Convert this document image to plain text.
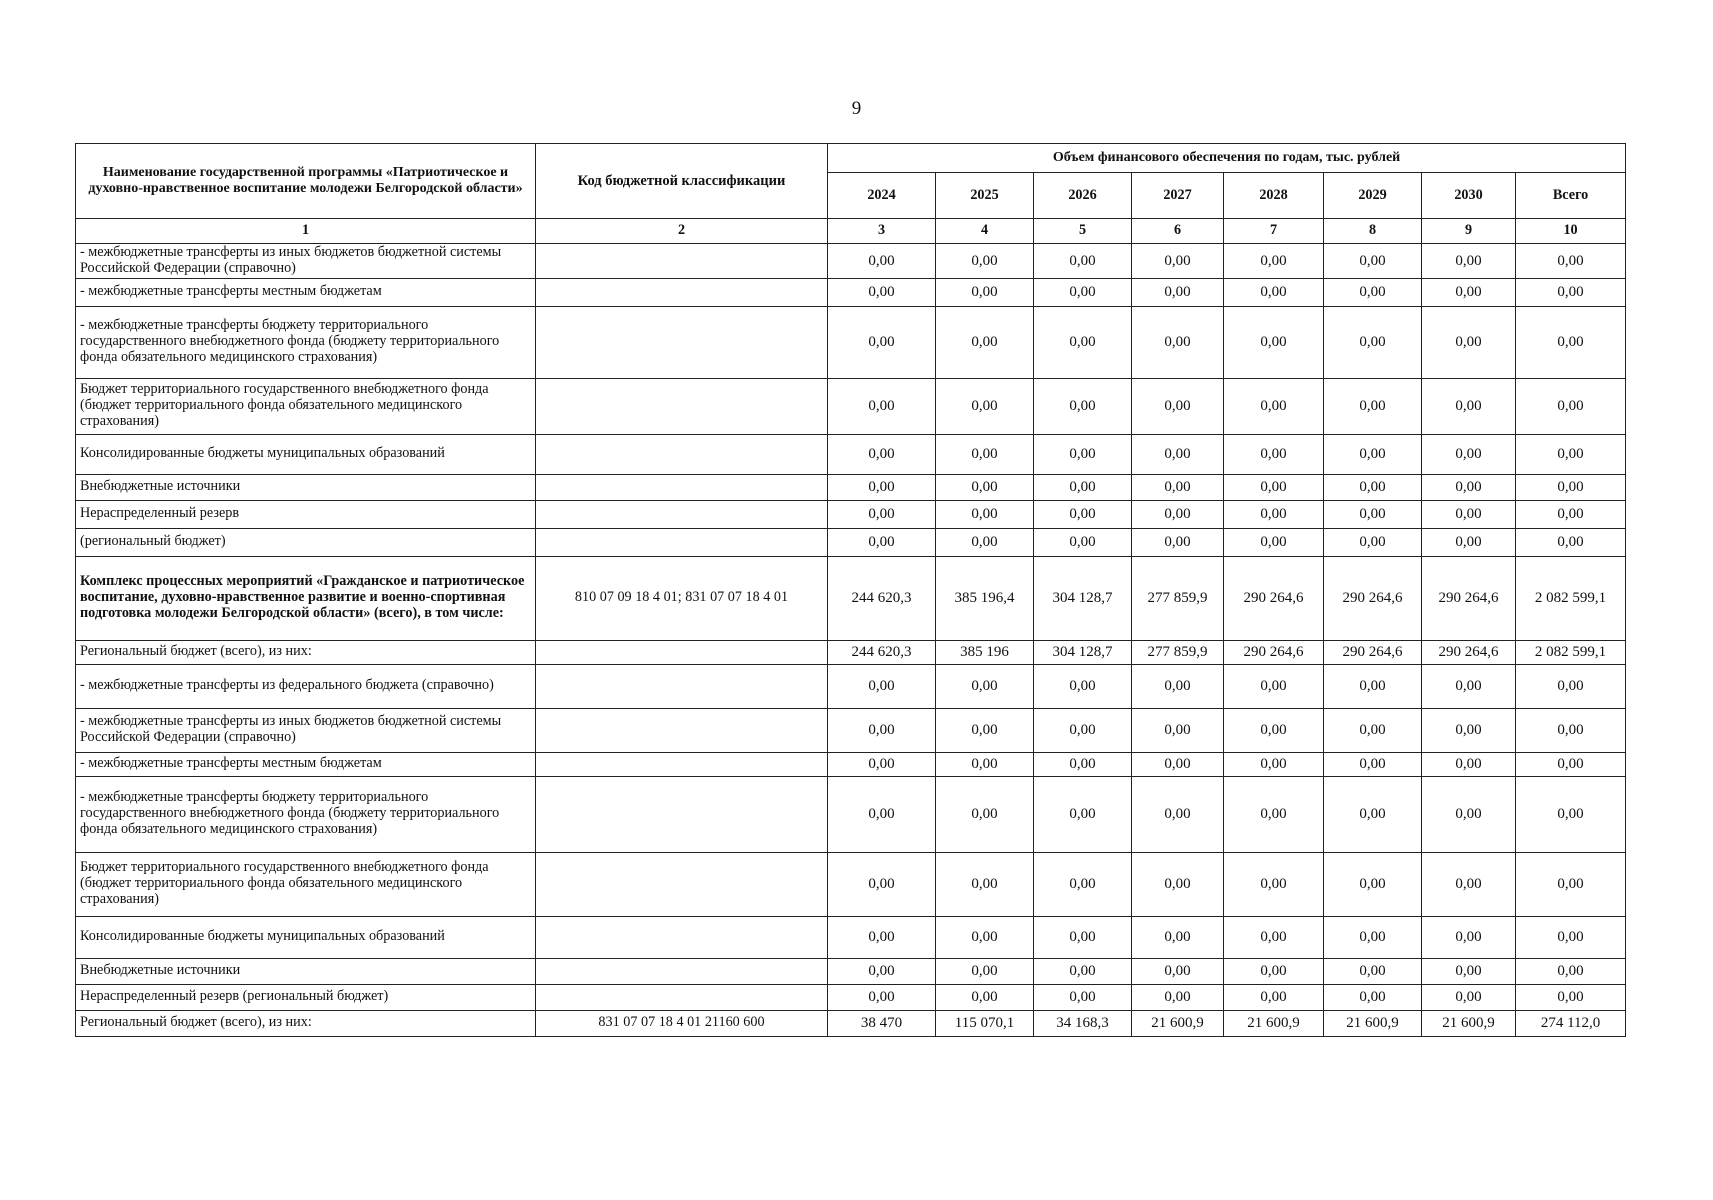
9
Наименование государственной программы «Патриотическое и духовно-нравственное воспитание молодежи Белгородской области»	Код бюджетной классификации	Объем финансового обеспечения по годам, тыс. рублей							
		2024	2025	2026	2027	2028	2029	2030	Всего
1	2	3	4	5	6	7	8	9	10
- межбюджетные трансферты из иных бюджетов бюджетной системы Российской Федерации (справочно)		0,00	0,00	0,00	0,00	0,00	0,00	0,00	0,00
- межбюджетные трансферты местным бюджетам		0,00	0,00	0,00	0,00	0,00	0,00	0,00	0,00
- межбюджетные трансферты бюджету территориального государственного внебюджетного фонда (бюджету территориального фонда обязательного медицинского страхования)		0,00	0,00	0,00	0,00	0,00	0,00	0,00	0,00
Бюджет территориального государственного внебюджетного фонда (бюджет территориального фонда обязательного медицинского страхования)		0,00	0,00	0,00	0,00	0,00	0,00	0,00	0,00
Консолидированные бюджеты муниципальных образований		0,00	0,00	0,00	0,00	0,00	0,00	0,00	0,00
Внебюджетные источники		0,00	0,00	0,00	0,00	0,00	0,00	0,00	0,00
Нераспределенный резерв		0,00	0,00	0,00	0,00	0,00	0,00	0,00	0,00
(региональный бюджет)		0,00	0,00	0,00	0,00	0,00	0,00	0,00	0,00
Комплекс процессных мероприятий «Гражданское и патриотическое воспитание, духовно-нравственное развитие и военно-спортивная подготовка молодежи Белгородской области» (всего), в том числе:	810 07 09 18 4 01; 831 07 07 18 4 01	244 620,3	385 196,4	304 128,7	277 859,9	290 264,6	290 264,6	290 264,6	2 082 599,1
Региональный бюджет (всего), из них:		244 620,3	385 196	304 128,7	277 859,9	290 264,6	290 264,6	290 264,6	2 082 599,1
- межбюджетные трансферты из федерального бюджета (справочно)		0,00	0,00	0,00	0,00	0,00	0,00	0,00	0,00
- межбюджетные трансферты из иных бюджетов бюджетной системы Российской Федерации (справочно)		0,00	0,00	0,00	0,00	0,00	0,00	0,00	0,00
- межбюджетные трансферты местным бюджетам		0,00	0,00	0,00	0,00	0,00	0,00	0,00	0,00
- межбюджетные трансферты бюджету территориального государственного внебюджетного фонда (бюджету территориального фонда обязательного медицинского страхования)		0,00	0,00	0,00	0,00	0,00	0,00	0,00	0,00
Бюджет территориального государственного внебюджетного фонда (бюджет территориального фонда обязательного медицинского страхования)		0,00	0,00	0,00	0,00	0,00	0,00	0,00	0,00
Консолидированные бюджеты муниципальных образований		0,00	0,00	0,00	0,00	0,00	0,00	0,00	0,00
Внебюджетные источники		0,00	0,00	0,00	0,00	0,00	0,00	0,00	0,00
Нераспределенный резерв (региональный бюджет)		0,00	0,00	0,00	0,00	0,00	0,00	0,00	0,00
Региональный бюджет (всего), из них:	831 07 07 18 4 01 21160 600	38 470	115 070,1	34 168,3	21 600,9	21 600,9	21 600,9	21 600,9	274 112,0
